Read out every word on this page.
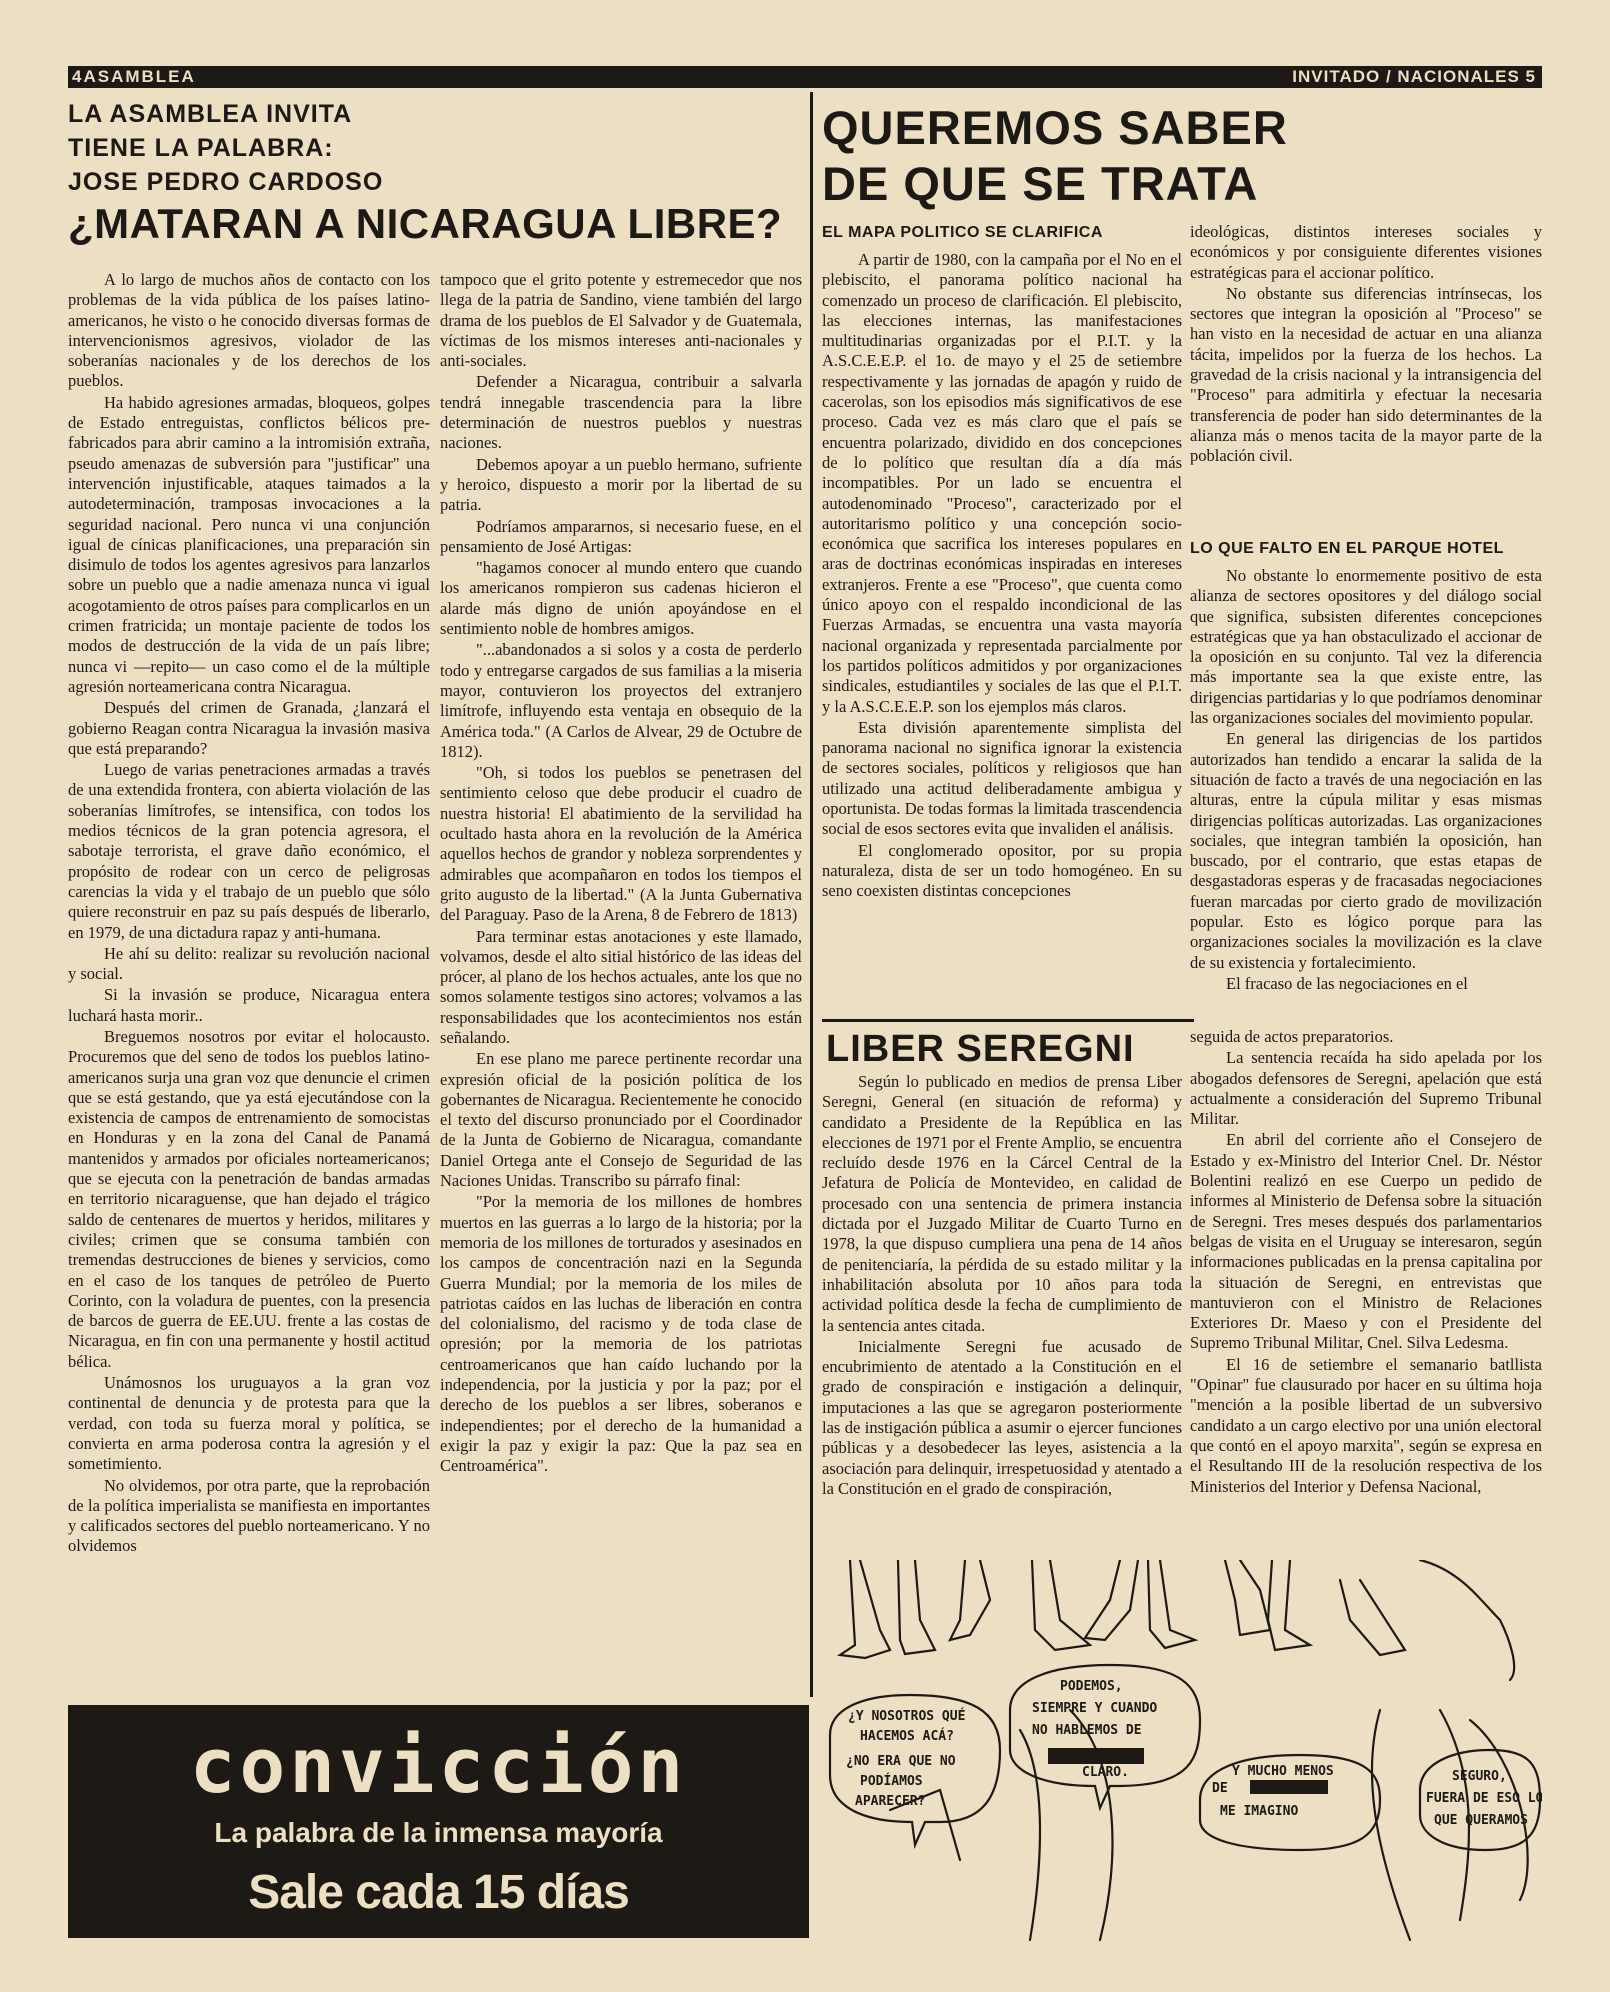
4ASAMBLEA	INVITADO / NACIONALES 5
LA ASAMBLEA INVITA
TIENE LA PALABRA:
JOSE PEDRO CARDOSO
¿MATARAN A NICARAGUA LIBRE?

A lo largo de muchos años de contacto con los problemas de la vida pública de los países latino-americanos, he visto o he conocido diversas formas de intervencionismos agresivos, violador de las soberanías nacionales y de los derechos de los pueblos.

Ha habido agresiones armadas, bloqueos, golpes de Estado entreguistas, conflictos bélicos pre-fabricados para abrir camino a la intromisión extraña, pseudo amenazas de subversión para "justificar" una intervención injustificable, ataques taimados a la autodeterminación, tramposas invocaciones a la seguridad nacional. Pero nunca vi una conjunción igual de cínicas planificaciones, una preparación sin disimulo de todos los agentes agresivos para lanzarlos sobre un pueblo que a nadie amenaza nunca vi igual acogotamiento de otros países para complicarlos en un crimen fratricida; un montaje paciente de todos los modos de destrucción de la vida de un país libre; nunca vi —repito— un caso como el de la múltiple agresión norteamericana contra Nicaragua.

Después del crimen de Granada, ¿lanzará el gobierno Reagan contra Nicaragua la invasión masiva que está preparando?

Luego de varias penetraciones armadas a través de una extendida frontera, con abierta violación de las soberanías limítrofes, se intensifica, con todos los medios técnicos de la gran potencia agresora, el sabotaje terrorista, el grave daño económico, el propósito de rodear con un cerco de peligrosas carencias la vida y el trabajo de un pueblo que sólo quiere reconstruir en paz su país después de liberarlo, en 1979, de una dictadura rapaz y anti-humana.

He ahí su delito: realizar su revolución nacional y social.

Si la invasión se produce, Nicaragua entera luchará hasta morir..

Breguemos nosotros por evitar el holocausto. Procuremos que del seno de todos los pueblos latino-americanos surja una gran voz que denuncie el crimen que se está gestando, que ya está ejecutándose con la existencia de campos de entrenamiento de somocistas en Honduras y en la zona del Canal de Panamá mantenidos y armados por oficiales norteamericanos; que se ejecuta con la penetración de bandas armadas en territorio nicaraguense, que han dejado el trágico saldo de centenares de muertos y heridos, militares y civiles; crimen que se consuma también con tremendas destrucciones de bienes y servicios, como en el caso de los tanques de petróleo de Puerto Corinto, con la voladura de puentes, con la presencia de barcos de guerra de EE.UU. frente a las costas de Nicaragua, en fin con una permanente y hostil actitud bélica.

Unámosnos los uruguayos a la gran voz continental de denuncia y de protesta para que la verdad, con toda su fuerza moral y política, se convierta en arma poderosa contra la agresión y el sometimiento.

No olvidemos, por otra parte, que la reprobación de la política imperialista se manifiesta en importantes y calificados sectores del pueblo norteamericano. Y no olvidemos

tampoco que el grito potente y estremecedor que nos llega de la patria de Sandino, viene también del largo drama de los pueblos de El Salvador y de Guatemala, víctimas de los mismos intereses anti-nacionales y anti-sociales.

Defender a Nicaragua, contribuir a salvarla tendrá innegable trascendencia para la libre determinación de nuestros pueblos y nuestras naciones.

Debemos apoyar a un pueblo hermano, sufriente y heroico, dispuesto a morir por la libertad de su patria.

Podríamos ampararnos, si necesario fuese, en el pensamiento de José Artigas:

"hagamos conocer al mundo entero que cuando los americanos rompieron sus cadenas hicieron el alarde más digno de unión apoyándose en el sentimiento noble de hombres amigos.

"...abandonados a si solos y a costa de perderlo todo y entregarse cargados de sus familias a la miseria mayor, contuvieron los proyectos del extranjero limítrofe, influyendo esta ventaja en obsequio de la América toda." (A Carlos de Alvear, 29 de Octubre de 1812).

"Oh, si todos los pueblos se penetrasen del sentimiento celoso que debe producir el cuadro de nuestra historia! El abatimiento de la servilidad ha ocultado hasta ahora en la revolución de la América aquellos hechos de grandor y nobleza sorprendentes y admirables que acompañaron en todos los tiempos el grito augusto de la libertad." (A la Junta Gubernativa del Paraguay. Paso de la Arena, 8 de Febrero de 1813)

Para terminar estas anotaciones y este llamado, volvamos, desde el alto sitial histórico de las ideas del prócer, al plano de los hechos actuales, ante los que no somos solamente testigos sino actores; volvamos a las responsabilidades que los acontecimientos nos están señalando.

En ese plano me parece pertinente recordar una expresión oficial de la posición política de los gobernantes de Nicaragua. Recientemente he conocido el texto del discurso pronunciado por el Coordinador de la Junta de Gobierno de Nicaragua, comandante Daniel Ortega ante el Consejo de Seguridad de las Naciones Unidas. Transcribo su párrafo final:

"Por la memoria de los millones de hombres muertos en las guerras a lo largo de la historia; por la memoria de los millones de torturados y asesinados en los campos de concentración nazi en la Segunda Guerra Mundial; por la memoria de los miles de patriotas caídos en las luchas de liberación en contra del colonialismo, del racismo y de toda clase de opresión; por la memoria de los patriotas centroamericanos que han caído luchando por la independencia, por la justicia y por la paz; por el derecho de los pueblos a ser libres, soberanos e independientes; por el derecho de la humanidad a exigir la paz y exigir la paz: Que la paz sea en Centroamérica".

QUEREMOS SABER
DE QUE SE TRATA
EL MAPA POLITICO SE CLARIFICA

A partir de 1980, con la campaña por el No en el plebiscito, el panorama político nacional ha comenzado un proceso de clarificación. El plebiscito, las elecciones internas, las manifestaciones multitudinarias organizadas por el P.I.T. y la A.S.C.E.E.P. el 1o. de mayo y el 25 de setiembre respectivamente y las jornadas de apagón y ruido de cacerolas, son los episodios más significativos de ese proceso. Cada vez es más claro que el país se encuentra polarizado, dividido en dos concepciones de lo político que resultan día a día más incompatibles. Por un lado se encuentra el autodenominado "Proceso", caracterizado por el autoritarismo político y una concepción socio-económica que sacrifica los intereses populares en aras de doctrinas económicas inspiradas en intereses extranjeros. Frente a ese "Proceso", que cuenta como único apoyo con el respaldo incondicional de las Fuerzas Armadas, se encuentra una vasta mayoría nacional organizada y representada parcialmente por los partidos políticos admitidos y por organizaciones sindicales, estudiantiles y sociales de las que el P.I.T. y la A.S.C.E.E.P. son los ejemplos más claros.

Esta división aparentemente simplista del panorama nacional no significa ignorar la existencia de sectores sociales, políticos y religiosos que han utilizado una actitud deliberadamente ambigua y oportunista. De todas formas la limitada trascendencia social de esos sectores evita que invaliden el análisis.

El conglomerado opositor, por su propia naturaleza, dista de ser un todo homogéneo. En su seno coexisten distintas concepciones

ideológicas, distintos intereses sociales y económicos y por consiguiente diferentes visiones estratégicas para el accionar político.

No obstante sus diferencias intrínsecas, los sectores que integran la oposición al "Proceso" se han visto en la necesidad de actuar en una alianza tácita, impelidos por la fuerza de los hechos. La gravedad de la crisis nacional y la intransigencia del "Proceso" para admitirla y efectuar la necesaria transferencia de poder han sido determinantes de la alianza más o menos tacita de la mayor parte de la población civil.

LO QUE FALTO EN EL PARQUE HOTEL

No obstante lo enormemente positivo de esta alianza de sectores opositores y del diálogo social que significa, subsisten diferentes concepciones estratégicas que ya han obstaculizado el accionar de la oposición en su conjunto. Tal vez la diferencia más importante sea la que existe entre, las dirigencias partidarias y lo que podríamos denominar las organizaciones sociales del movimiento popular.

En general las dirigencias de los partidos autorizados han tendido a encarar la salida de la situación de facto a través de una negociación en las alturas, entre la cúpula militar y esas mismas dirigencias políticas autorizadas. Las organizaciones sociales, que integran también la oposición, han buscado, por el contrario, que estas etapas de desgastadoras esperas y de fracasadas negociaciones fueran marcadas por cierto grado de movilización popular. Esto es lógico porque para las organizaciones sociales la movilización es la clave de su existencia y fortalecimiento.

El fracaso de las negociaciones en el

LIBER SEREGNI

Según lo publicado en medios de prensa Liber Seregni, General (en situación de reforma) y candidato a Presidente de la República en las elecciones de 1971 por el Frente Amplio, se encuentra recluído desde 1976 en la Cárcel Central de la Jefatura de Policía de Montevideo, en calidad de procesado con una sentencia de primera instancia dictada por el Juzgado Militar de Cuarto Turno en 1978, la que dispuso cumpliera una pena de 14 años de penitenciaría, la pérdida de su estado militar y la inhabilitación absoluta por 10 años para toda actividad política desde la fecha de cumplimiento de la sentencia antes citada.

Inicialmente Seregni fue acusado de encubrimiento de atentado a la Constitución en el grado de conspiración e instigación a delinquir, imputaciones a las que se agregaron posteriormente las de instigación pública a asumir o ejercer funciones públicas y a desobedecer las leyes, asistencia a la asociación para delinquir, irrespetuosidad y atentado a la Constitución en el grado de conspiración,

seguida de actos preparatorios.

La sentencia recaída ha sido apelada por los abogados defensores de Seregni, apelación que está actualmente a consideración del Supremo Tribunal Militar.

En abril del corriente año el Consejero de Estado y ex-Ministro del Interior Cnel. Dr. Néstor Bolentini realizó en ese Cuerpo un pedido de informes al Ministerio de Defensa sobre la situación de Seregni. Tres meses después dos parlamentarios belgas de visita en el Uruguay se interesaron, según informaciones publicadas en la prensa capitalina por la situación de Seregni, en entrevistas que mantuvieron con el Ministro de Relaciones Exteriores Dr. Maeso y con el Presidente del Supremo Tribunal Militar, Cnel. Silva Ledesma.

El 16 de setiembre el semanario batllista "Opinar" fue clausurado por hacer en su última hoja "mención a la posible libertad de un subversivo candidato a un cargo electivo por una unión electoral que contó en el apoyo marxita", según se expresa en el Resultando III de la resolución respectiva de los Ministerios del Interior y Defensa Nacional,

convicción
La palabra de la inmensa mayoría
Sale cada 15 días
¿Y NOSOTROS QUÉ
HACEMOS ACÁ?
¿NO ERA QUE NO
PODÍAMOS
APARECER?
PODEMOS,
SIEMPRE Y CUANDO
NO HABLEMOS DE
CLARO.	Y MUCHO MENOS
DE
ME IMAGINO
SEGURO,
FUERA DE ESO LO
QUE QUERAMOS
